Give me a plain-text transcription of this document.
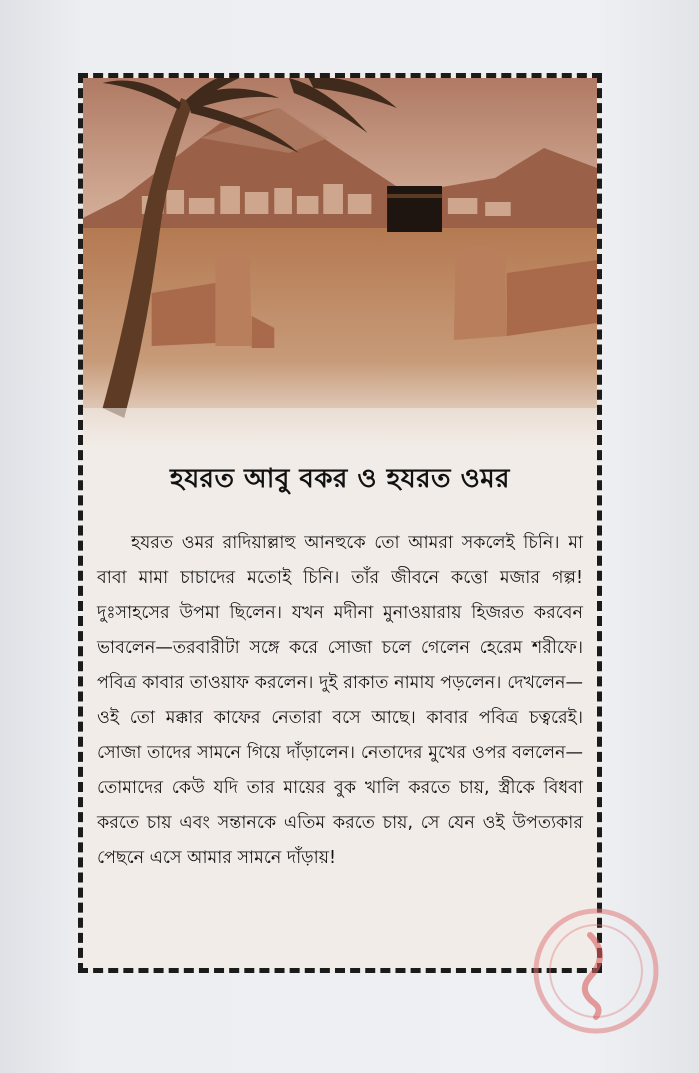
হযরত আবু বকর ও হযরত ওমর

হযরত ওমর রাদিয়াল্লাহু আনহুকে তো আমরা সকলেই চিনি। মা বাবা মামা চাচাদের মতোই চিনি। তাঁর জীবনে কত্তো মজার গল্প! দুঃসাহসের উপমা ছিলেন। যখন মদীনা মুনাওয়ারায় হিজরত করবেন ভাবলেন—তরবারীটা সঙ্গে করে সোজা চলে গেলেন হেরেম শরীফে। পবিত্র কাবার তাওয়াফ করলেন। দুই রাকাত নামায পড়লেন। দেখলেন—ওই তো মক্কার কাফের নেতারা বসে আছে। কাবার পবিত্র চত্বরেই। সোজা তাদের সামনে গিয়ে দাঁড়ালেন। নেতাদের মুখের ওপর বললেন—তোমাদের কেউ যদি তার মায়ের বুক খালি করতে চায়, স্ত্রীকে বিধবা করতে চায় এবং সন্তানকে এতিম করতে চায়, সে যেন ওই উপত্যকার পেছনে এসে আমার সামনে দাঁড়ায়!
